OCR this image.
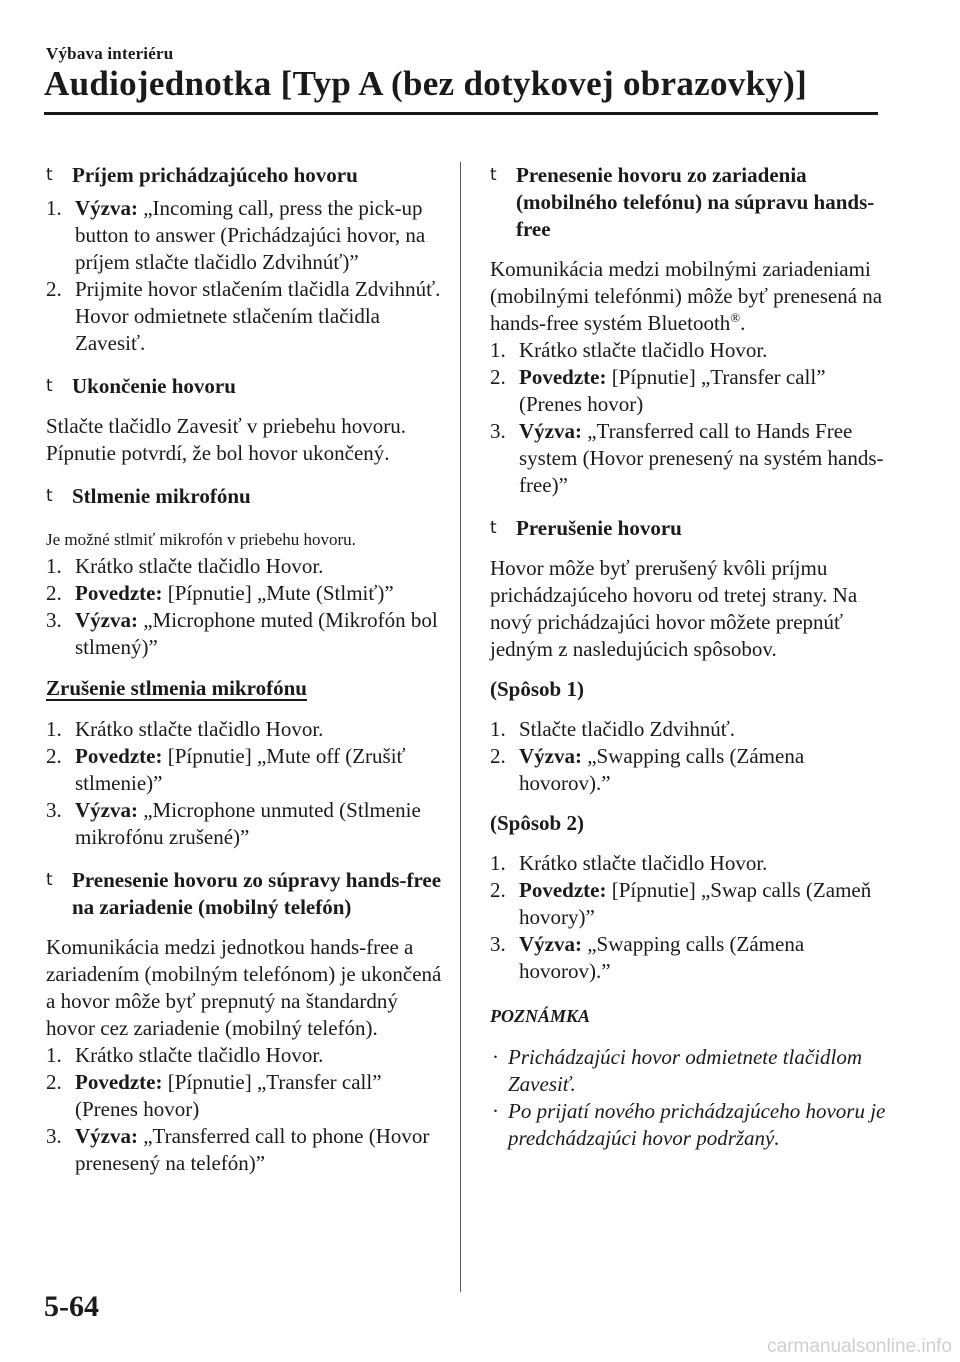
Výbava interiéru
Audiojednotka [Typ A (bez dotykovej obrazovky)]

t Príjem prichádzajúceho hovoru

1. Výzva: „Incoming call, press the pick-up button to answer (Prichádzajúci hovor, na príjem stlačte tlačidlo Zdvihnúť)”
2. Prijmite hovor stlačením tlačidla Zdvihnúť.
Hovor odmietnete stlačením tlačidla Zavesiť.

t Ukončenie hovoru

Stlačte tlačidlo Zavesiť v priebehu hovoru. Pípnutie potvrdí, že bol hovor ukončený.

t Stlmenie mikrofónu

Je možné stlmiť mikrofón v priebehu hovoru.

1. Krátko stlačte tlačidlo Hovor.
2. Povedzte: [Pípnutie] „Mute (Stlmiť)”
3. Výzva: „Microphone muted (Mikrofón bol stlmený)”

Zrušenie stlmenia mikrofónu

1. Krátko stlačte tlačidlo Hovor.
2. Povedzte: [Pípnutie] „Mute off (Zrušiť stlmenie)”
3. Výzva: „Microphone unmuted (Stlmenie mikrofónu zrušené)”

t Prenesenie hovoru zo súpravy hands-free na zariadenie (mobilný telefón)

Komunikácia medzi jednotkou hands-free a zariadením (mobilným telefónom) je ukončená a hovor môže byť prepnutý na štandardný hovor cez zariadenie (mobilný telefón).

1. Krátko stlačte tlačidlo Hovor.
2. Povedzte: [Pípnutie] „Transfer call” (Prenes hovor)
3. Výzva: „Transferred call to phone (Hovor prenesený na telefón)”

t Prenesenie hovoru zo zariadenia (mobilného telefónu) na súpravu hands-free

Komunikácia medzi mobilnými zariadeniami (mobilnými telefónmi) môže byť prenesená na hands-free systém Bluetooth®.

1. Krátko stlačte tlačidlo Hovor.
2. Povedzte: [Pípnutie] „Transfer call” (Prenes hovor)
3. Výzva: „Transferred call to Hands Free system (Hovor prenesený na systém hands-free)”

t Prerušenie hovoru

Hovor môže byť prerušený kvôli príjmu prichádzajúceho hovoru od tretej strany. Na nový prichádzajúci hovor môžete prepnúť jedným z nasledujúcich spôsobov.

(Spôsob 1)

1. Stlačte tlačidlo Zdvihnúť.
2. Výzva: „Swapping calls (Zámena hovorov).”

(Spôsob 2)

1. Krátko stlačte tlačidlo Hovor.
2. Povedzte: [Pípnutie] „Swap calls (Zameň hovory)”
3. Výzva: „Swapping calls (Zámena hovorov).”

POZNÁMKA

· Prichádzajúci hovor odmietnete tlačidlom Zavesiť.
· Po prijatí nového prichádzajúceho hovoru je predchádzajúci hovor podržaný.
5-64
carmanualsonline.info
